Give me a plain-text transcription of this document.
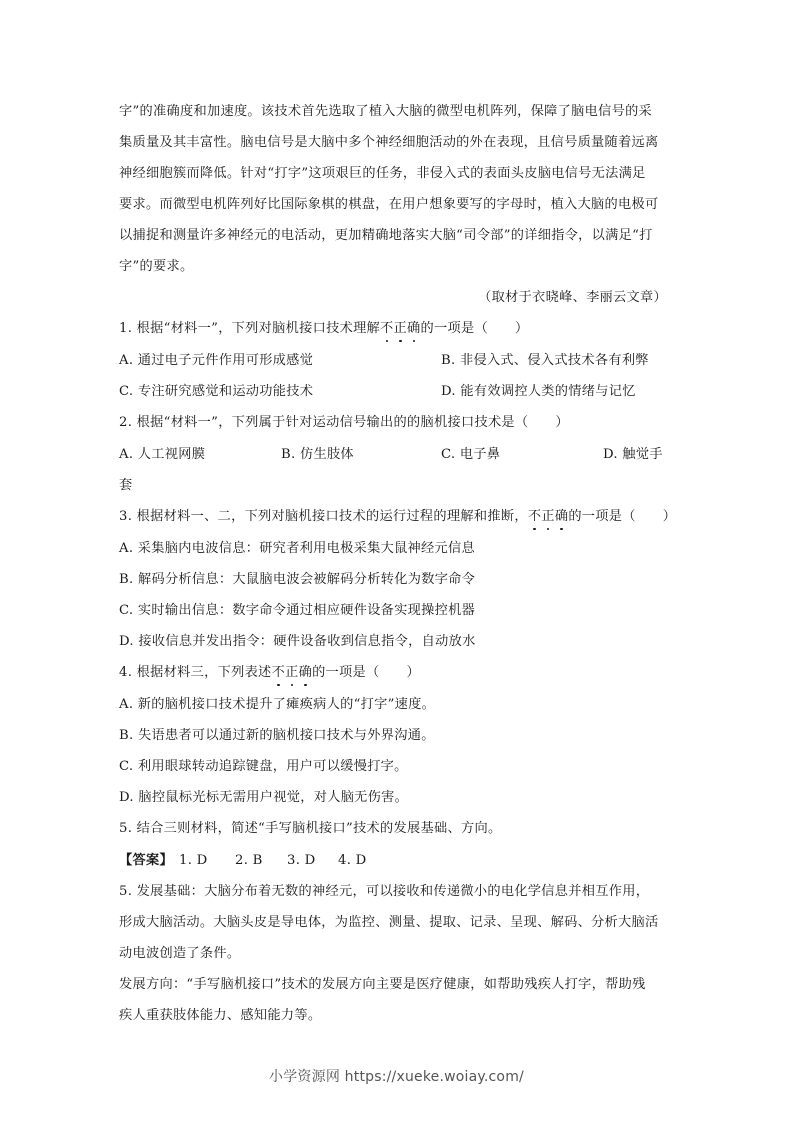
字”的准确度和加速度。该技术首先选取了植入大脑的微型电机阵列，保障了脑电信号的采
集质量及其丰富性。脑电信号是大脑中多个神经细胞活动的外在表现，且信号质量随着远离
神经细胞簇而降低。针对“打字”这项艰巨的任务，非侵入式的表面头皮脑电信号无法满足
要求。而微型电机阵列好比国际象棋的棋盘，在用户想象要写的字母时，植入大脑的电极可
以捕捉和测量许多神经元的电活动，更加精确地落实大脑“司令部”的详细指令，以满足“打
字”的要求。
（取材于衣晓峰、李丽云文章）
1. 根据“材料一”，下列对脑机接口技术理解不正确的一项是（　　）
A. 通过电子元件作用可形成感觉	B. 非侵入式、侵入式技术各有利弊
C. 专注研究感觉和运动功能技术	D. 能有效调控人类的情绪与记忆
2. 根据“材料一”，下列属于针对运动信号输出的的脑机接口技术是（　　）
A. 人工视网膜	B. 仿生肢体	C. 电子鼻	D. 触觉手
套
3. 根据材料一、二，下列对脑机接口技术的运行过程的理解和推断，不正确的一项是（　　）
A. 采集脑内电波信息：研究者利用电极采集大鼠神经元信息
B. 解码分析信息：大鼠脑电波会被解码分析转化为数字命令
C. 实时输出信息：数字命令通过相应硬件设备实现操控机器
D. 接收信息并发出指令：硬件设备收到信息指令，自动放水
4. 根据材料三，下列表述不正确的一项是（　　）
A. 新的脑机接口技术提升了瘫痪病人的“打字”速度。
B. 失语患者可以通过新的脑机接口技术与外界沟通。
C. 利用眼球转动追踪键盘，用户可以缓慢打字。
D. 脑控鼠标光标无需用户视觉，对人脑无伤害。
5. 结合三则材料，简述“手写脑机接口”技术的发展基础、方向。
【答案】 1. D 2. B 3. D 4. D
5. 发展基础：大脑分布着无数的神经元，可以接收和传递微小的电化学信息并相互作用，
形成大脑活动。大脑头皮是导电体，为监控、测量、提取、记录、呈现、解码、分析大脑活
动电波创造了条件。
发展方向：“手写脑机接口”技术的发展方向主要是医疗健康，如帮助残疾人打字，帮助残
疾人重获肢体能力、感知能力等。
小学资源网 https://xueke.woiay.com/
